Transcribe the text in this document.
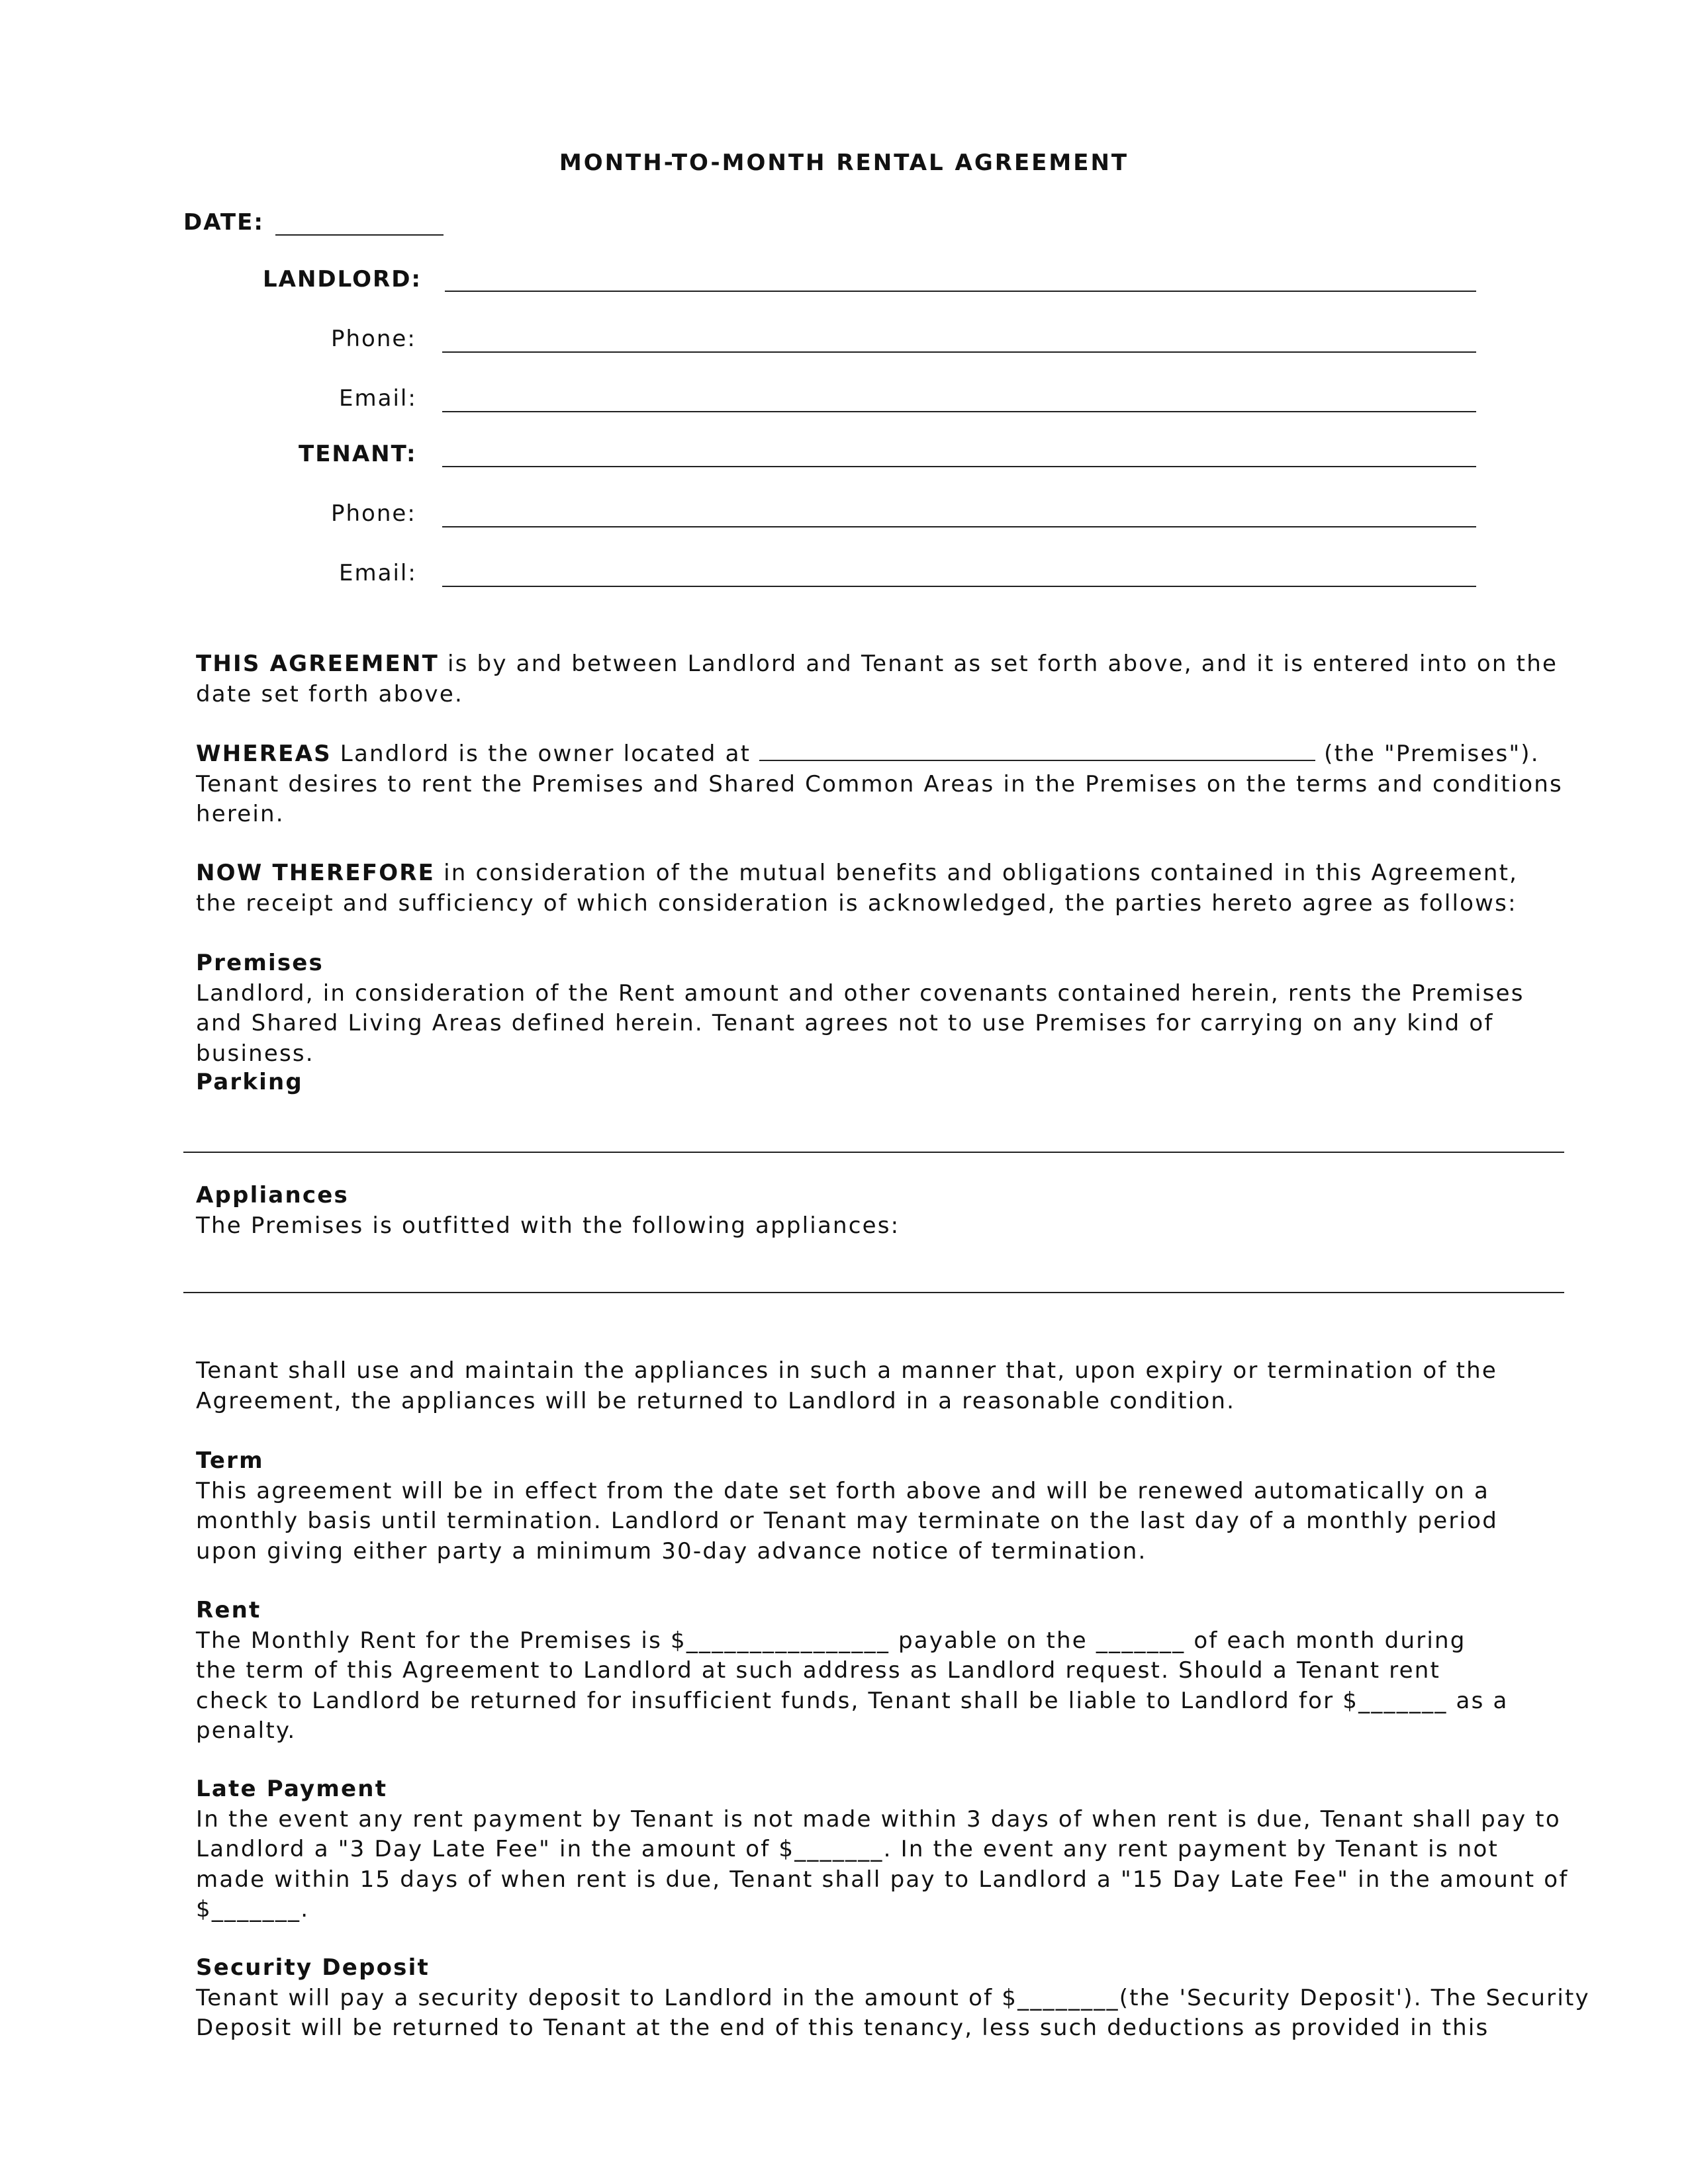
MONTH-TO-MONTH RENTAL AGREEMENT
DATE:
LANDLORD:
Phone:
Email:
TENANT:
Phone:
Email:
THIS AGREEMENT is by and between Landlord and Tenant as set forth above, and it is entered into on the date set forth above.
WHEREAS Landlord is the owner located at	(the "Premises"). Tenant desires to rent the Premises and Shared Common Areas in the Premises on the terms and conditions herein.
NOW THEREFORE in consideration of the mutual benefits and obligations contained in this Agreement, the receipt and sufficiency of which consideration is acknowledged, the parties hereto agree as follows:

Premises

Landlord, in consideration of the Rent amount and other covenants contained herein, rents the Premises and Shared Living Areas defined herein. Tenant agrees not to use Premises for carrying on any kind of business.

Parking

Appliances

The Premises is outfitted with the following appliances:

Tenant shall use and maintain the appliances in such a manner that, upon expiry or termination of the Agreement, the appliances will be returned to Landlord in a reasonable condition.

Term

This agreement will be in effect from the date set forth above and will be renewed automatically on a monthly basis until termination. Landlord or Tenant may terminate on the last day of a monthly period upon giving either party a minimum 30-day advance notice of termination.

Rent

The Monthly Rent for the Premises is $________________ payable on the _______ of each month during

the term of this Agreement to Landlord at such address as Landlord request. Should a Tenant rent

check to Landlord be returned for insufficient funds, Tenant shall be liable to Landlord for $_______ as a

penalty.

Late Payment

In the event any rent payment by Tenant is not made within 3 days of when rent is due, Tenant shall pay to

Landlord a "3 Day Late Fee" in the amount of $_______. In the event any rent payment by Tenant is not

made within 15 days of when rent is due, Tenant shall pay to Landlord a "15 Day Late Fee" in the amount of

$_______.

Security Deposit

Tenant will pay a security deposit to Landlord in the amount of $________(the 'Security Deposit'). The Security

Deposit will be returned to Tenant at the end of this tenancy, less such deductions as provided in this
